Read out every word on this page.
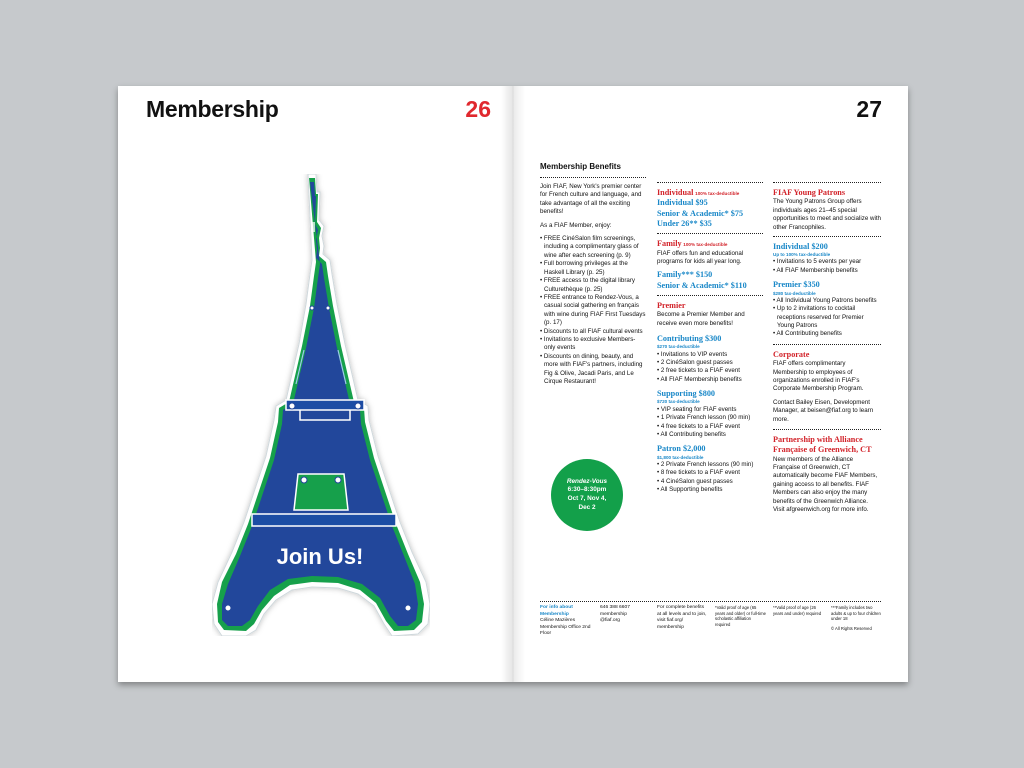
Membership	26
Join Us!
27
Membership Benefits

Join FIAF, New York's premier center for French culture and language, and take advantage of all the exciting benefits!

As a FIAF Member, enjoy:

• FREE CinéSalon film screenings, including a complimentary glass of wine after each screening (p. 9)
• Full borrowing privileges at the Haskell Library (p. 25)
• FREE access to the digital library Culturethèque (p. 25)
• FREE entrance to Rendez-Vous, a casual social gathering en français with wine during FIAF First Tuesdays (p. 17)
• Discounts to all FIAF cultural events
• Invitations to exclusive Members-only events
• Discounts on dining, beauty, and more with FIAF's partners, including Fig & Olive, Jacadi Paris, and Le Cirque Restaurant!
Rendez-Vous
6:30–8:30pm
Oct 7, Nov 4,
Dec 2
Individual 100% tax-deductible
Individual $95
Senior & Academic* $75
Under 26** $35
Family 100% tax-deductible
FIAF offers fun and educational programs for kids all year long.
Family*** $150
Senior & Academic* $110
Premier
Become a Premier Member and receive even more benefits!
Contributing $300
$270 tax-deductible
• Invitations to VIP events
• 2 CinéSalon guest passes
• 2 free tickets to a FIAF event
• All FIAF Membership benefits
Supporting $800
$720 tax-deductible
• VIP seating for FIAF events
• 1 Private French lesson (90 min)
• 4 free tickets to a FIAF event
• All Contributing benefits
Patron $2,000
$1,800 tax-deductible
• 2 Private French lessons (90 min)
• 8 free tickets to a FIAF event
• 4 CinéSalon guest passes
• All Supporting benefits
FIAF Young Patrons
The Young Patrons Group offers individuals ages 21–45 special opportunities to meet and socialize with other Francophiles.
Individual $200
Up to 100% tax-deductible
• Invitations to 5 events per year
• All FIAF Membership benefits
Premier $350
$280 tax-deductible
• All Individual Young Patrons benefits
• Up to 2 invitations to cocktail receptions reserved for Premier Young Patrons
• All Contributing benefits
Corporate

FIAF offers complimentary Membership to employees of organizations enrolled in FIAF's Corporate Membership Program.

Contact Bailey Eisen, Development Manager, at beisen@fiaf.org to learn more.

Partnership with Alliance
Française of Greenwich, CT
New members of the Alliance Française of Greenwich, CT automatically become FIAF Members, gaining access to all benefits. FIAF Members can also enjoy the many benefits of the Greenwich Alliance. Visit afgreenwich.org for more info.
For info about Membership
Céline Mazières Membership Office 2nd Floor
646 388 6607
membership @fiaf.org
For complete benefits at all levels and to join, visit fiaf.org/ membership
*Valid proof of age (65 years and older) or full-time scholastic affiliation required
**Valid proof of age (26 years and under) required
***Family includes two adults & up to four children under 18
© All Rights Reserved
